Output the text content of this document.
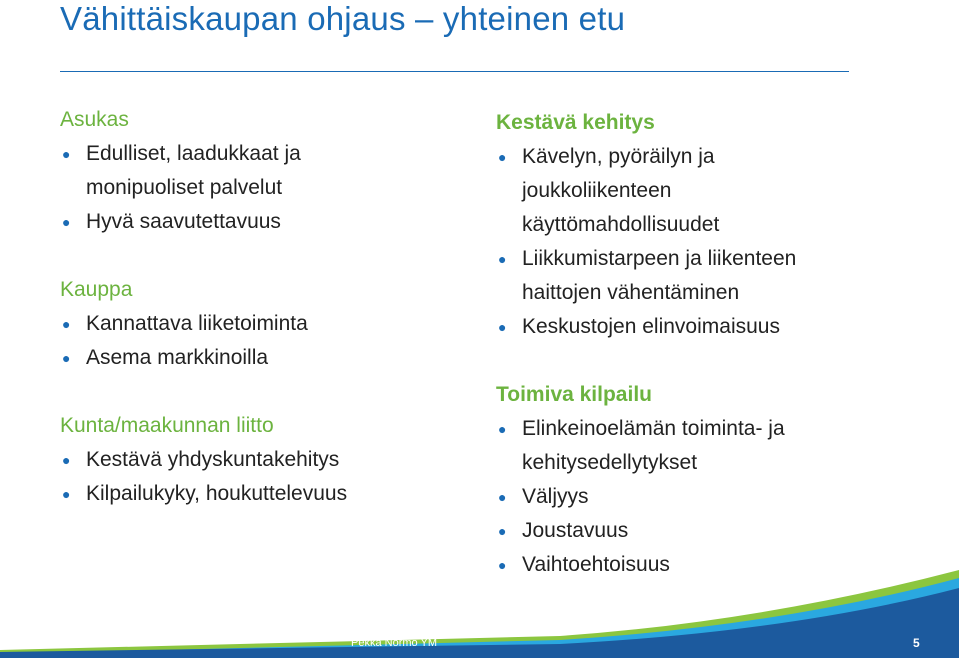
Vähittäiskaupan ohjaus – yhteinen etu
Asukas
● Edulliset, laadukkaat ja monipuoliset palvelut
● Hyvä saavutettavuus
Kauppa
● Kannattava liiketoiminta
● Asema markkinoilla
Kunta/maakunnan liitto
● Kestävä yhdyskuntakehitys
● Kilpailukyky, houkuttelevuus
Kestävä kehitys
● Kävelyn, pyöräilyn ja joukkoliikenteen käyttömahdollisuudet
● Liikkumistarpeen ja liikenteen haittojen vähentäminen
● Keskustojen elinvoimaisuus
Toimiva kilpailu
● Elinkeinoelämän toiminta- ja kehitysedellytykset
● Väljyys
● Joustavuus
● Vaihtoehtoisuus
Pekka Normo YM	5
